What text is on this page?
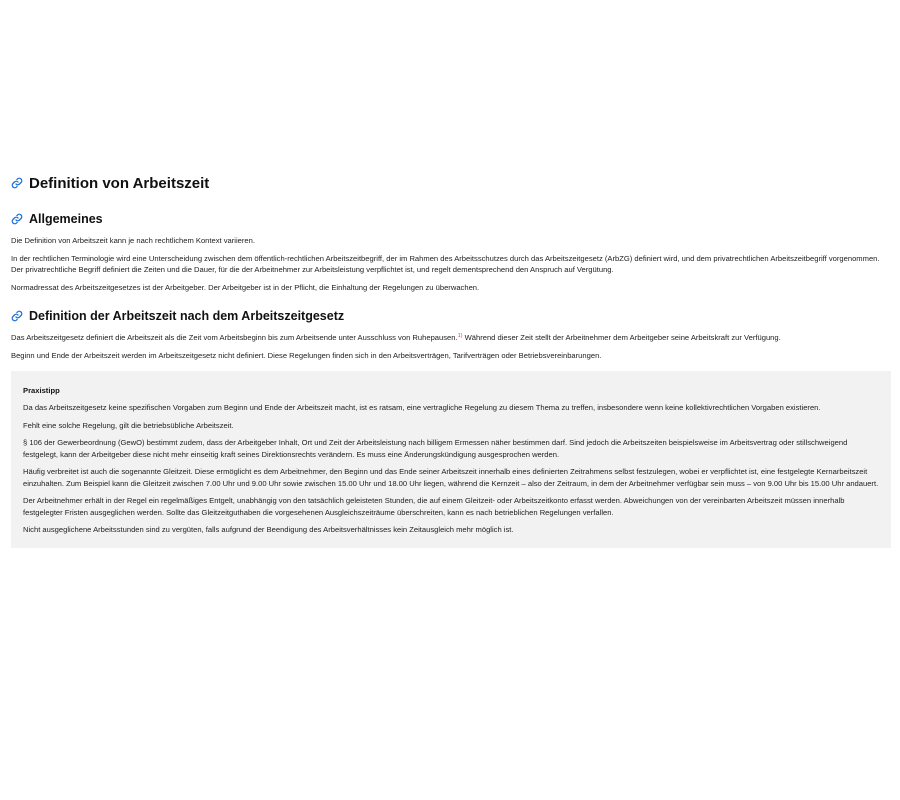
Definition von Arbeitszeit
Allgemeines

Die Definition von Arbeitszeit kann je nach rechtlichem Kontext variieren.

In der rechtlichen Terminologie wird eine Unterscheidung zwischen dem öffentlich-rechtlichen Arbeitszeitbegriff, der im Rahmen des Arbeitsschutzes durch das Arbeitszeitgesetz (ArbZG) definiert wird, und dem privatrechtlichen Arbeitszeitbegriff vorgenommen. Der privatrechtliche Begriff definiert die Zeiten und die Dauer, für die der Arbeitnehmer zur Arbeitsleistung verpflichtet ist, und regelt dementsprechend den Anspruch auf Vergütung.

Normadressat des Arbeitszeitgesetzes ist der Arbeitgeber. Der Arbeitgeber ist in der Pflicht, die Einhaltung der Regelungen zu überwachen.

Definition der Arbeitszeit nach dem Arbeitszeitgesetz

Das Arbeitszeitgesetz definiert die Arbeitszeit als die Zeit vom Arbeitsbeginn bis zum Arbeitsende unter Ausschluss von Ruhepausen.$^{1)}$ Während dieser Zeit stellt der Arbeitnehmer dem Arbeitgeber seine Arbeitskraft zur Verfügung.

Beginn und Ende der Arbeitszeit werden im Arbeitszeitgesetz nicht definiert. Diese Regelungen finden sich in den Arbeitsverträgen, Tarifverträgen oder Betriebsvereinbarungen.

Praxistipp

Da das Arbeitszeitgesetz keine spezifischen Vorgaben zum Beginn und Ende der Arbeitszeit macht, ist es ratsam, eine vertragliche Regelung zu diesem Thema zu treffen, insbesondere wenn keine kollektivrechtlichen Vorgaben existieren.

Fehlt eine solche Regelung, gilt die betriebsübliche Arbeitszeit.

§ 106 der Gewerbeordnung (GewO) bestimmt zudem, dass der Arbeitgeber Inhalt, Ort und Zeit der Arbeitsleistung nach billigem Ermessen näher bestimmen darf. Sind jedoch die Arbeitszeiten beispielsweise im Arbeitsvertrag oder stillschweigend festgelegt, kann der Arbeitgeber diese nicht mehr einseitig kraft seines Direktionsrechts verändern. Es muss eine Änderungskündigung ausgesprochen werden.

Häufig verbreitet ist auch die sogenannte Gleitzeit. Diese ermöglicht es dem Arbeitnehmer, den Beginn und das Ende seiner Arbeitszeit innerhalb eines definierten Zeitrahmens selbst festzulegen, wobei er verpflichtet ist, eine festgelegte Kernarbeitszeit einzuhalten. Zum Beispiel kann die Gleitzeit zwischen 7.00 Uhr und 9.00 Uhr sowie zwischen 15.00 Uhr und 18.00 Uhr liegen, während die Kernzeit – also der Zeitraum, in dem der Arbeitnehmer verfügbar sein muss – von 9.00 Uhr bis 15.00 Uhr andauert.

Der Arbeitnehmer erhält in der Regel ein regelmäßiges Entgelt, unabhängig von den tatsächlich geleisteten Stunden, die auf einem Gleitzeit- oder Arbeitszeitkonto erfasst werden. Abweichungen von der vereinbarten Arbeitszeit müssen innerhalb festgelegter Fristen ausgeglichen werden. Sollte das Gleitzeitguthaben die vorgesehenen Ausgleichszeiträume überschreiten, kann es nach betrieblichen Regelungen verfallen.

Nicht ausgeglichene Arbeitsstunden sind zu vergüten, falls aufgrund der Beendigung des Arbeitsverhältnisses kein Zeitausgleich mehr möglich ist.
